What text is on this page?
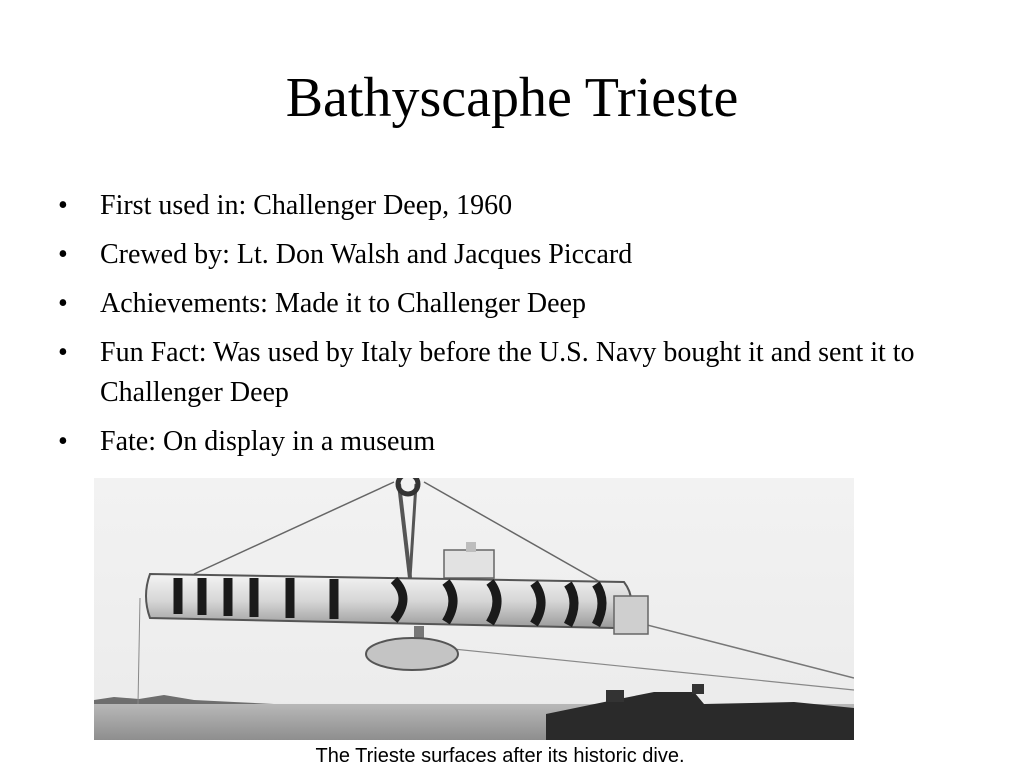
Bathyscaphe Trieste
• First used in: Challenger Deep, 1960
• Crewed by: Lt. Don Walsh and Jacques Piccard
• Achievements: Made it to Challenger Deep
• Fun Fact: Was used by Italy before the U.S. Navy bought it and sent it to Challenger Deep
• Fate: On display in a museum
The Trieste surfaces after its historic dive.
